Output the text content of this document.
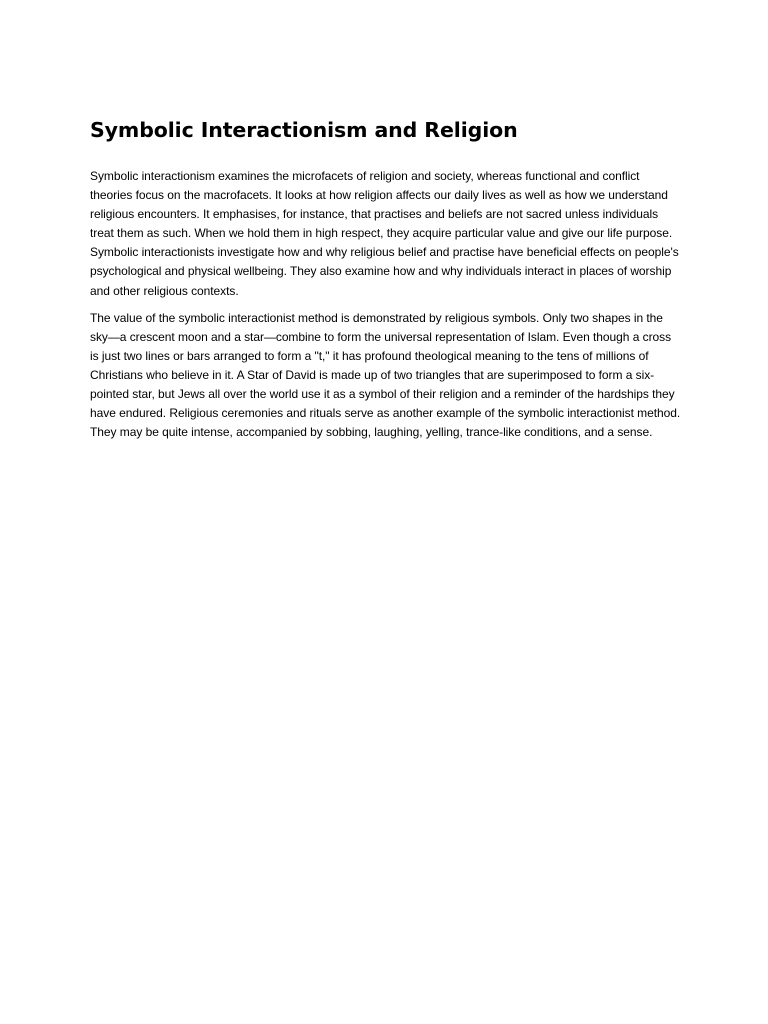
Symbolic Interactionism and Religion

Symbolic interactionism examines the microfacets of religion and society, whereas functional and conflict theories focus on the macrofacets. It looks at how religion affects our daily lives as well as how we understand religious encounters. It emphasises, for instance, that practises and beliefs are not sacred unless individuals treat them as such. When we hold them in high respect, they acquire particular value and give our life purpose. Symbolic interactionists investigate how and why religious belief and practise have beneficial effects on people's psychological and physical wellbeing. They also examine how and why individuals interact in places of worship and other religious contexts.

The value of the symbolic interactionist method is demonstrated by religious symbols. Only two shapes in the sky—a crescent moon and a star—combine to form the universal representation of Islam. Even though a cross is just two lines or bars arranged to form a "t," it has profound theological meaning to the tens of millions of Christians who believe in it. A Star of David is made up of two triangles that are superimposed to form a six-pointed star, but Jews all over the world use it as a symbol of their religion and a reminder of the hardships they have endured. Religious ceremonies and rituals serve as another example of the symbolic interactionist method. They may be quite intense, accompanied by sobbing, laughing, yelling, trance-like conditions, and a sense.
